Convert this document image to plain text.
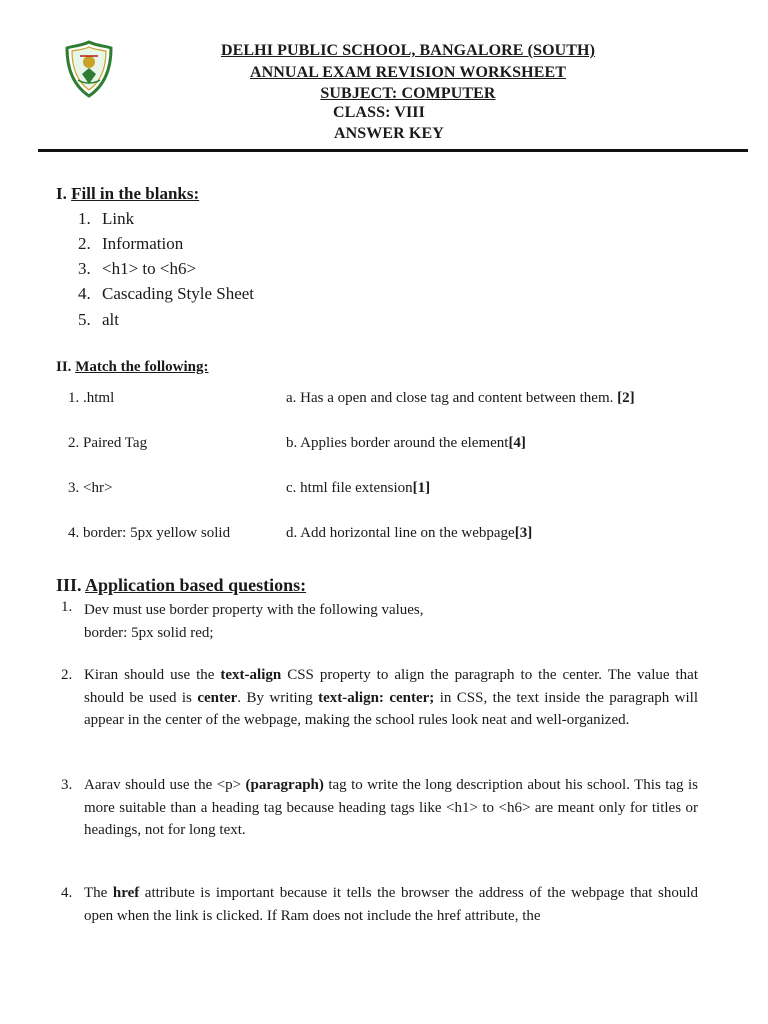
DELHI PUBLIC SCHOOL, BANGALORE (SOUTH)
ANNUAL EXAM REVISION WORKSHEET
SUBJECT: COMPUTER
CLASS: VIII
ANSWER KEY
I. Fill in the blanks:
1. Link
2. Information
3. <h1> to <h6>
4. Cascading Style Sheet
5. alt
II. Match the following:
1. .html	a. Has a open and close tag and content between them. [2]
2. Paired Tag	b. Applies border around the element[4]
3. <hr>	c. html file extension[1]
4. border: 5px yellow solid	d. Add horizontal line on the webpage[3]
III. Application based questions:
1. Dev must use border property with the following values,
border: 5px solid red;
2. Kiran should use the text-align CSS property to align the paragraph to the center. The value that should be used is center. By writing text-align: center; in CSS, the text inside the paragraph will appear in the center of the webpage, making the school rules look neat and well-organized.
3. Aarav should use the <p> (paragraph) tag to write the long description about his school. This tag is more suitable than a heading tag because heading tags like <h1> to <h6> are meant only for titles or headings, not for long text.
4. The href attribute is important because it tells the browser the address of the webpage that should open when the link is clicked. If Ram does not include the href attribute, the
